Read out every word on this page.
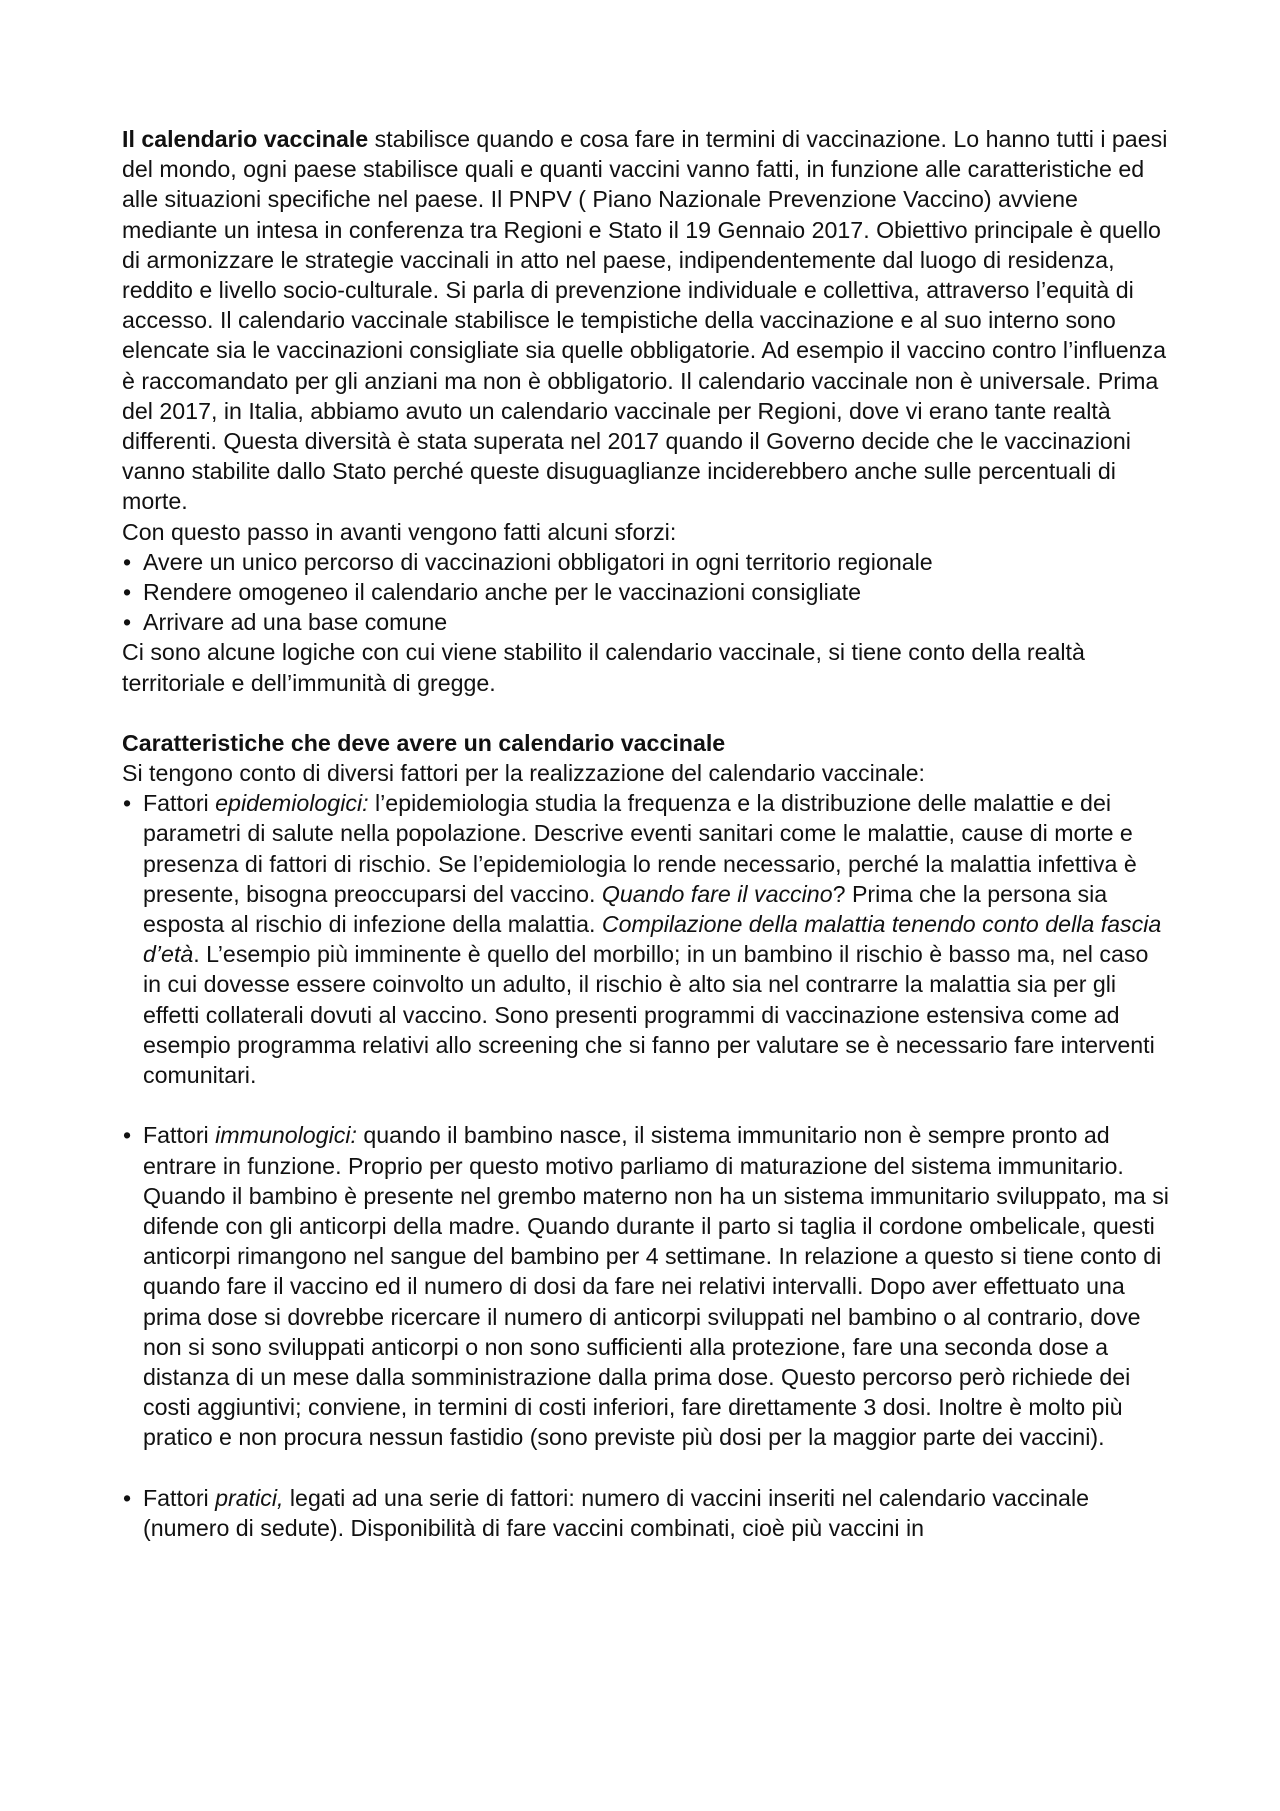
Il calendario vaccinale stabilisce quando e cosa fare in termini di vaccinazione. Lo hanno tutti i paesi del mondo, ogni paese stabilisce quali e quanti vaccini vanno fatti, in funzione alle caratteristiche ed alle situazioni specifiche nel paese. Il PNPV ( Piano Nazionale Prevenzione Vaccino) avviene mediante un intesa in conferenza tra Regioni e Stato il 19 Gennaio 2017. Obiettivo principale è quello di armonizzare le strategie vaccinali in atto nel paese, indipendentemente dal luogo di residenza, reddito e livello socio-culturale. Si parla di prevenzione individuale e collettiva, attraverso l’equità di accesso. Il calendario vaccinale stabilisce le tempistiche della vaccinazione e al suo interno sono elencate sia le vaccinazioni consigliate sia quelle obbligatorie. Ad esempio il vaccino contro l’influenza è raccomandato per gli anziani ma non è obbligatorio. Il calendario vaccinale non è universale. Prima del 2017, in Italia, abbiamo avuto un calendario vaccinale per Regioni, dove vi erano tante realtà differenti. Questa diversità è stata superata nel 2017 quando il Governo decide che le vaccinazioni vanno stabilite dallo Stato perché queste disuguaglianze inciderebbero anche sulle percentuali di morte.

Con questo passo in avanti vengono fatti alcuni sforzi:

• Avere un unico percorso di vaccinazioni obbligatori in ogni territorio regionale
• Rendere omogeneo il calendario anche per le vaccinazioni consigliate
• Arrivare ad una base comune

Ci sono alcune logiche con cui viene stabilito il calendario vaccinale, si tiene conto della realtà territoriale e dell’immunità di gregge.

Caratteristiche che deve avere un calendario vaccinale

Si tengono conto di diversi fattori per la realizzazione del calendario vaccinale:

• Fattori epidemiologici: l’epidemiologia studia la frequenza e la distribuzione delle malattie e dei parametri di salute nella popolazione. Descrive eventi sanitari come le malattie, cause di morte e presenza di fattori di rischio. Se l’epidemiologia lo rende necessario, perché la malattia infettiva è presente, bisogna preoccuparsi del vaccino. Quando fare il vaccino? Prima che la persona sia esposta al rischio di infezione della malattia. Compilazione della malattia tenendo conto della fascia d’età. L’esempio più imminente è quello del morbillo; in un bambino il rischio è basso ma, nel caso in cui dovesse essere coinvolto un adulto, il rischio è alto sia nel contrarre la malattia sia per gli effetti collaterali dovuti al vaccino. Sono presenti programmi di vaccinazione estensiva come ad esempio programma relativi allo screening che si fanno per valutare se è necessario fare interventi comunitari.
• Fattori immunologici: quando il bambino nasce, il sistema immunitario non è sempre pronto ad entrare in funzione. Proprio per questo motivo parliamo di maturazione del sistema immunitario. Quando il bambino è presente nel grembo materno non ha un sistema immunitario sviluppato, ma si difende con gli anticorpi della madre. Quando durante il parto si taglia il cordone ombelicale, questi anticorpi rimangono nel sangue del bambino per 4 settimane. In relazione a questo si tiene conto di quando fare il vaccino ed il numero di dosi da fare nei relativi intervalli. Dopo aver effettuato una prima dose si dovrebbe ricercare il numero di anticorpi sviluppati nel bambino o al contrario, dove non si sono sviluppati anticorpi o non sono sufficienti alla protezione, fare una seconda dose a distanza di un mese dalla somministrazione dalla prima dose. Questo percorso però richiede dei costi aggiuntivi; conviene, in termini di costi inferiori, fare direttamente 3 dosi. Inoltre è molto più pratico e non procura nessun fastidio (sono previste più dosi per la maggior parte dei vaccini).
• Fattori pratici, legati ad una serie di fattori: numero di vaccini inseriti nel calendario vaccinale (numero di sedute). Disponibilità di fare vaccini combinati, cioè più vaccini in
